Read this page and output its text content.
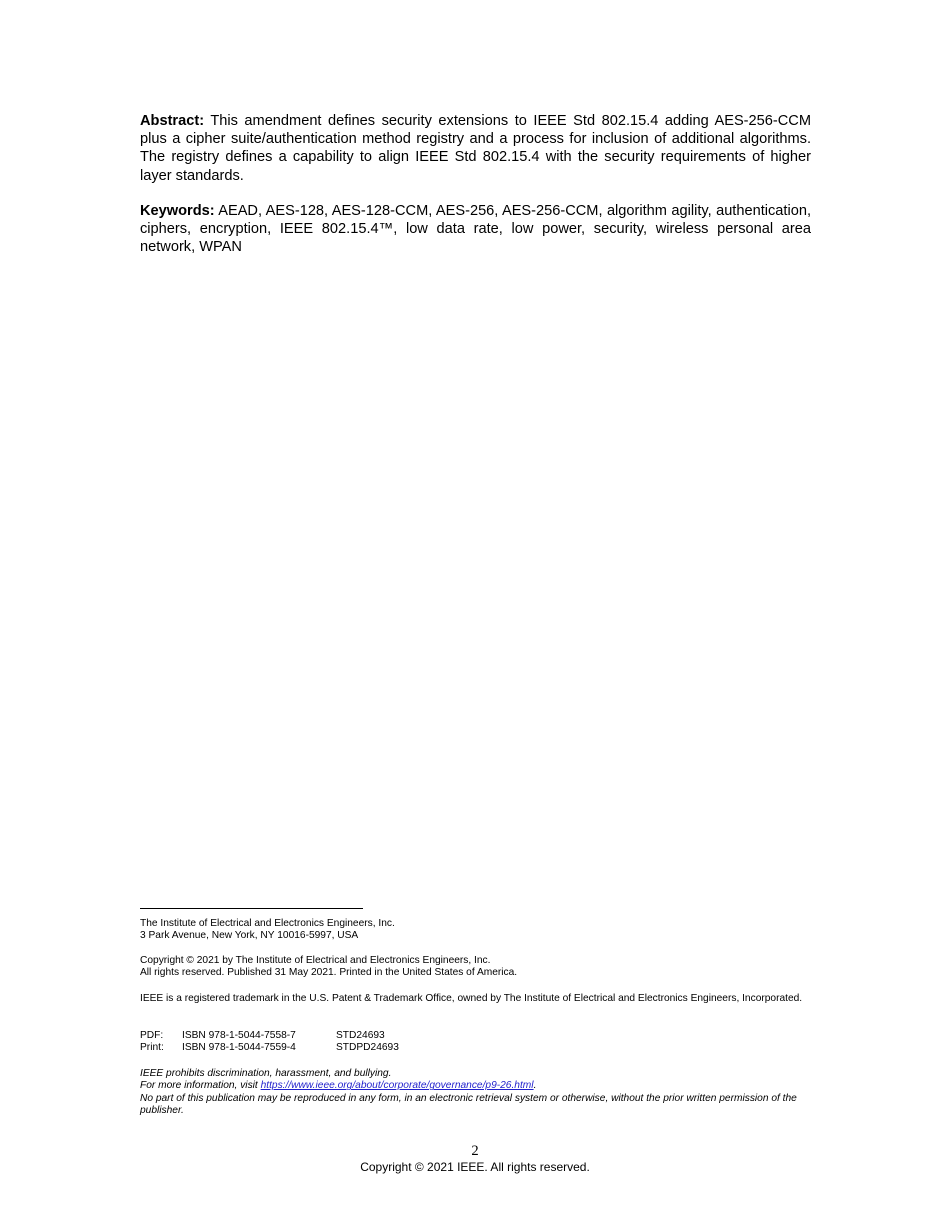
Abstract: This amendment defines security extensions to IEEE Std 802.15.4 adding AES-256-CCM plus a cipher suite/authentication method registry and a process for inclusion of additional algorithms. The registry defines a capability to align IEEE Std 802.15.4 with the security requirements of higher layer standards.
Keywords: AEAD, AES-128, AES-128-CCM, AES-256, AES-256-CCM, algorithm agility, authentication, ciphers, encryption, IEEE 802.15.4™, low data rate, low power, security, wireless personal area network, WPAN

The Institute of Electrical and Electronics Engineers, Inc.

3 Park Avenue, New York, NY 10016-5997, USA

Copyright © 2021 by The Institute of Electrical and Electronics Engineers, Inc.

All rights reserved. Published 31 May 2021. Printed in the United States of America.

IEEE is a registered trademark in the U.S. Patent & Trademark Office, owned by The Institute of Electrical and Electronics Engineers, Incorporated.

PDF:	ISBN 978-1-5044-7558-7	STD24693
Print:	ISBN 978-1-5044-7559-4	STDPD24693

IEEE prohibits discrimination, harassment, and bullying.

For more information, visit https://www.ieee.org/about/corporate/governance/p9-26.html.

No part of this publication may be reproduced in any form, in an electronic retrieval system or otherwise, without the prior written permission of the publisher.

2
Copyright © 2021 IEEE. All rights reserved.
